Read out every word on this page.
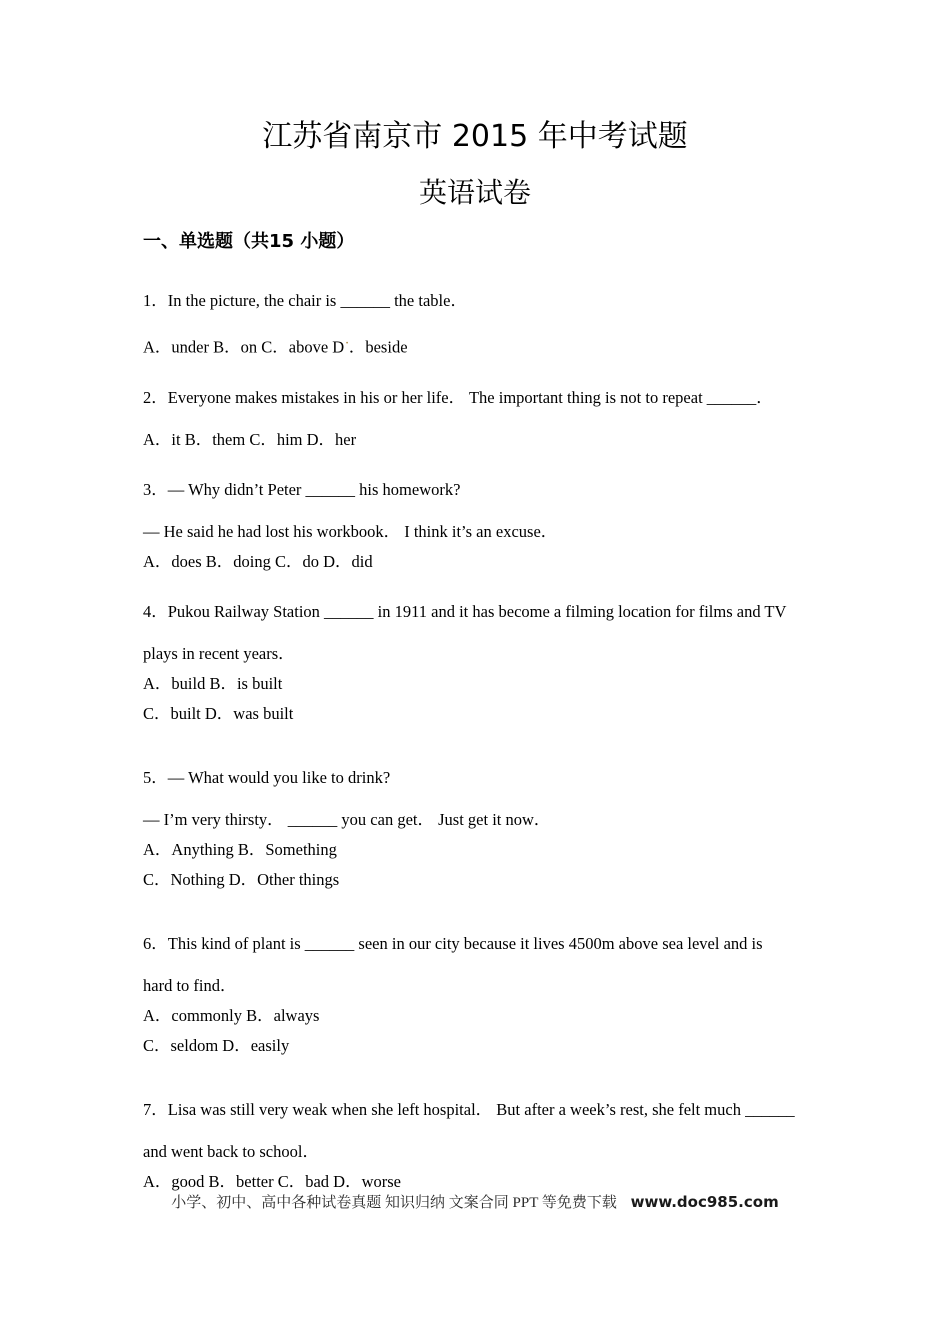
江苏省南京市 2015 年中考试题
英语试卷
一、单选题（共15 小题）
1．In the picture, the chair is ______ the table．
A．under B．on C．above D·．beside
2．Everyone makes mistakes in his or her life． The important thing is not to repeat ______．
A．it B．them C．him D．her
3．— Why didn’t Peter ______ his homework?
— He said he had lost his workbook． I think it’s an excuse．
A．does B．doing C．do D．did
4．Pukou Railway Station ______ in 1911 and it has become a filming location for films and TV
plays in recent years．
A．build B．is built
C．built D．was built
5．— What would you like to drink?
— I’m very thirsty． ______ you can get． Just get it now．
A．Anything B．Something
C．Nothing D．Other things
6．This kind of plant is ______ seen in our city because it lives 4500m above sea level and is
hard to find．
A．commonly B．always
C．seldom D．easily
7．Lisa was still very weak when she left hospital． But after a week’s rest, she felt much ______
and went back to school．
A．good B．better C．bad D．worse
小学、初中、高中各种试卷真题 知识归纳 文案合同 PPT 等免费下载 www.doc985.com
